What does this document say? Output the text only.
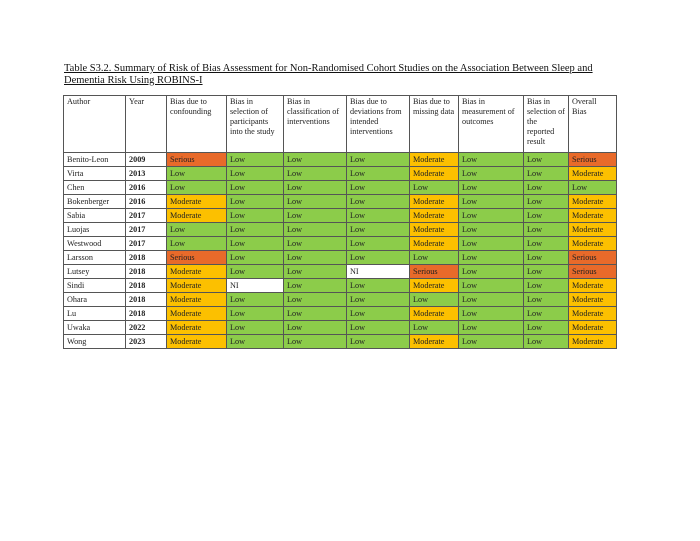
Table S3.2. Summary of Risk of Bias Assessment for Non-Randomised Cohort Studies on the Association Between Sleep and Dementia Risk Using ROBINS-I
Author	Year	Bias due to confounding	Bias in selection of participants into the study	Bias in classification of interventions	Bias due to deviations from intended interventions	Bias due to missing data	Bias in measurement of outcomes	Bias in selection of the reported result	Overall Bias
Benito-Leon	2009	Serious	Low	Low	Low	Moderate	Low	Low	Serious
Virta	2013	Low	Low	Low	Low	Moderate	Low	Low	Moderate
Chen	2016	Low	Low	Low	Low	Low	Low	Low	Low
Bokenberger	2016	Moderate	Low	Low	Low	Moderate	Low	Low	Moderate
Sabia	2017	Moderate	Low	Low	Low	Moderate	Low	Low	Moderate
Luojas	2017	Low	Low	Low	Low	Moderate	Low	Low	Moderate
Westwood	2017	Low	Low	Low	Low	Moderate	Low	Low	Moderate
Larsson	2018	Serious	Low	Low	Low	Low	Low	Low	Serious
Lutsey	2018	Moderate	Low	Low	NI	Serious	Low	Low	Serious
Sindi	2018	Moderate	NI	Low	Low	Moderate	Low	Low	Moderate
Ohara	2018	Moderate	Low	Low	Low	Low	Low	Low	Moderate
Lu	2018	Moderate	Low	Low	Low	Moderate	Low	Low	Moderate
Uwaka	2022	Moderate	Low	Low	Low	Low	Low	Low	Moderate
Wong	2023	Moderate	Low	Low	Low	Moderate	Low	Low	Moderate
